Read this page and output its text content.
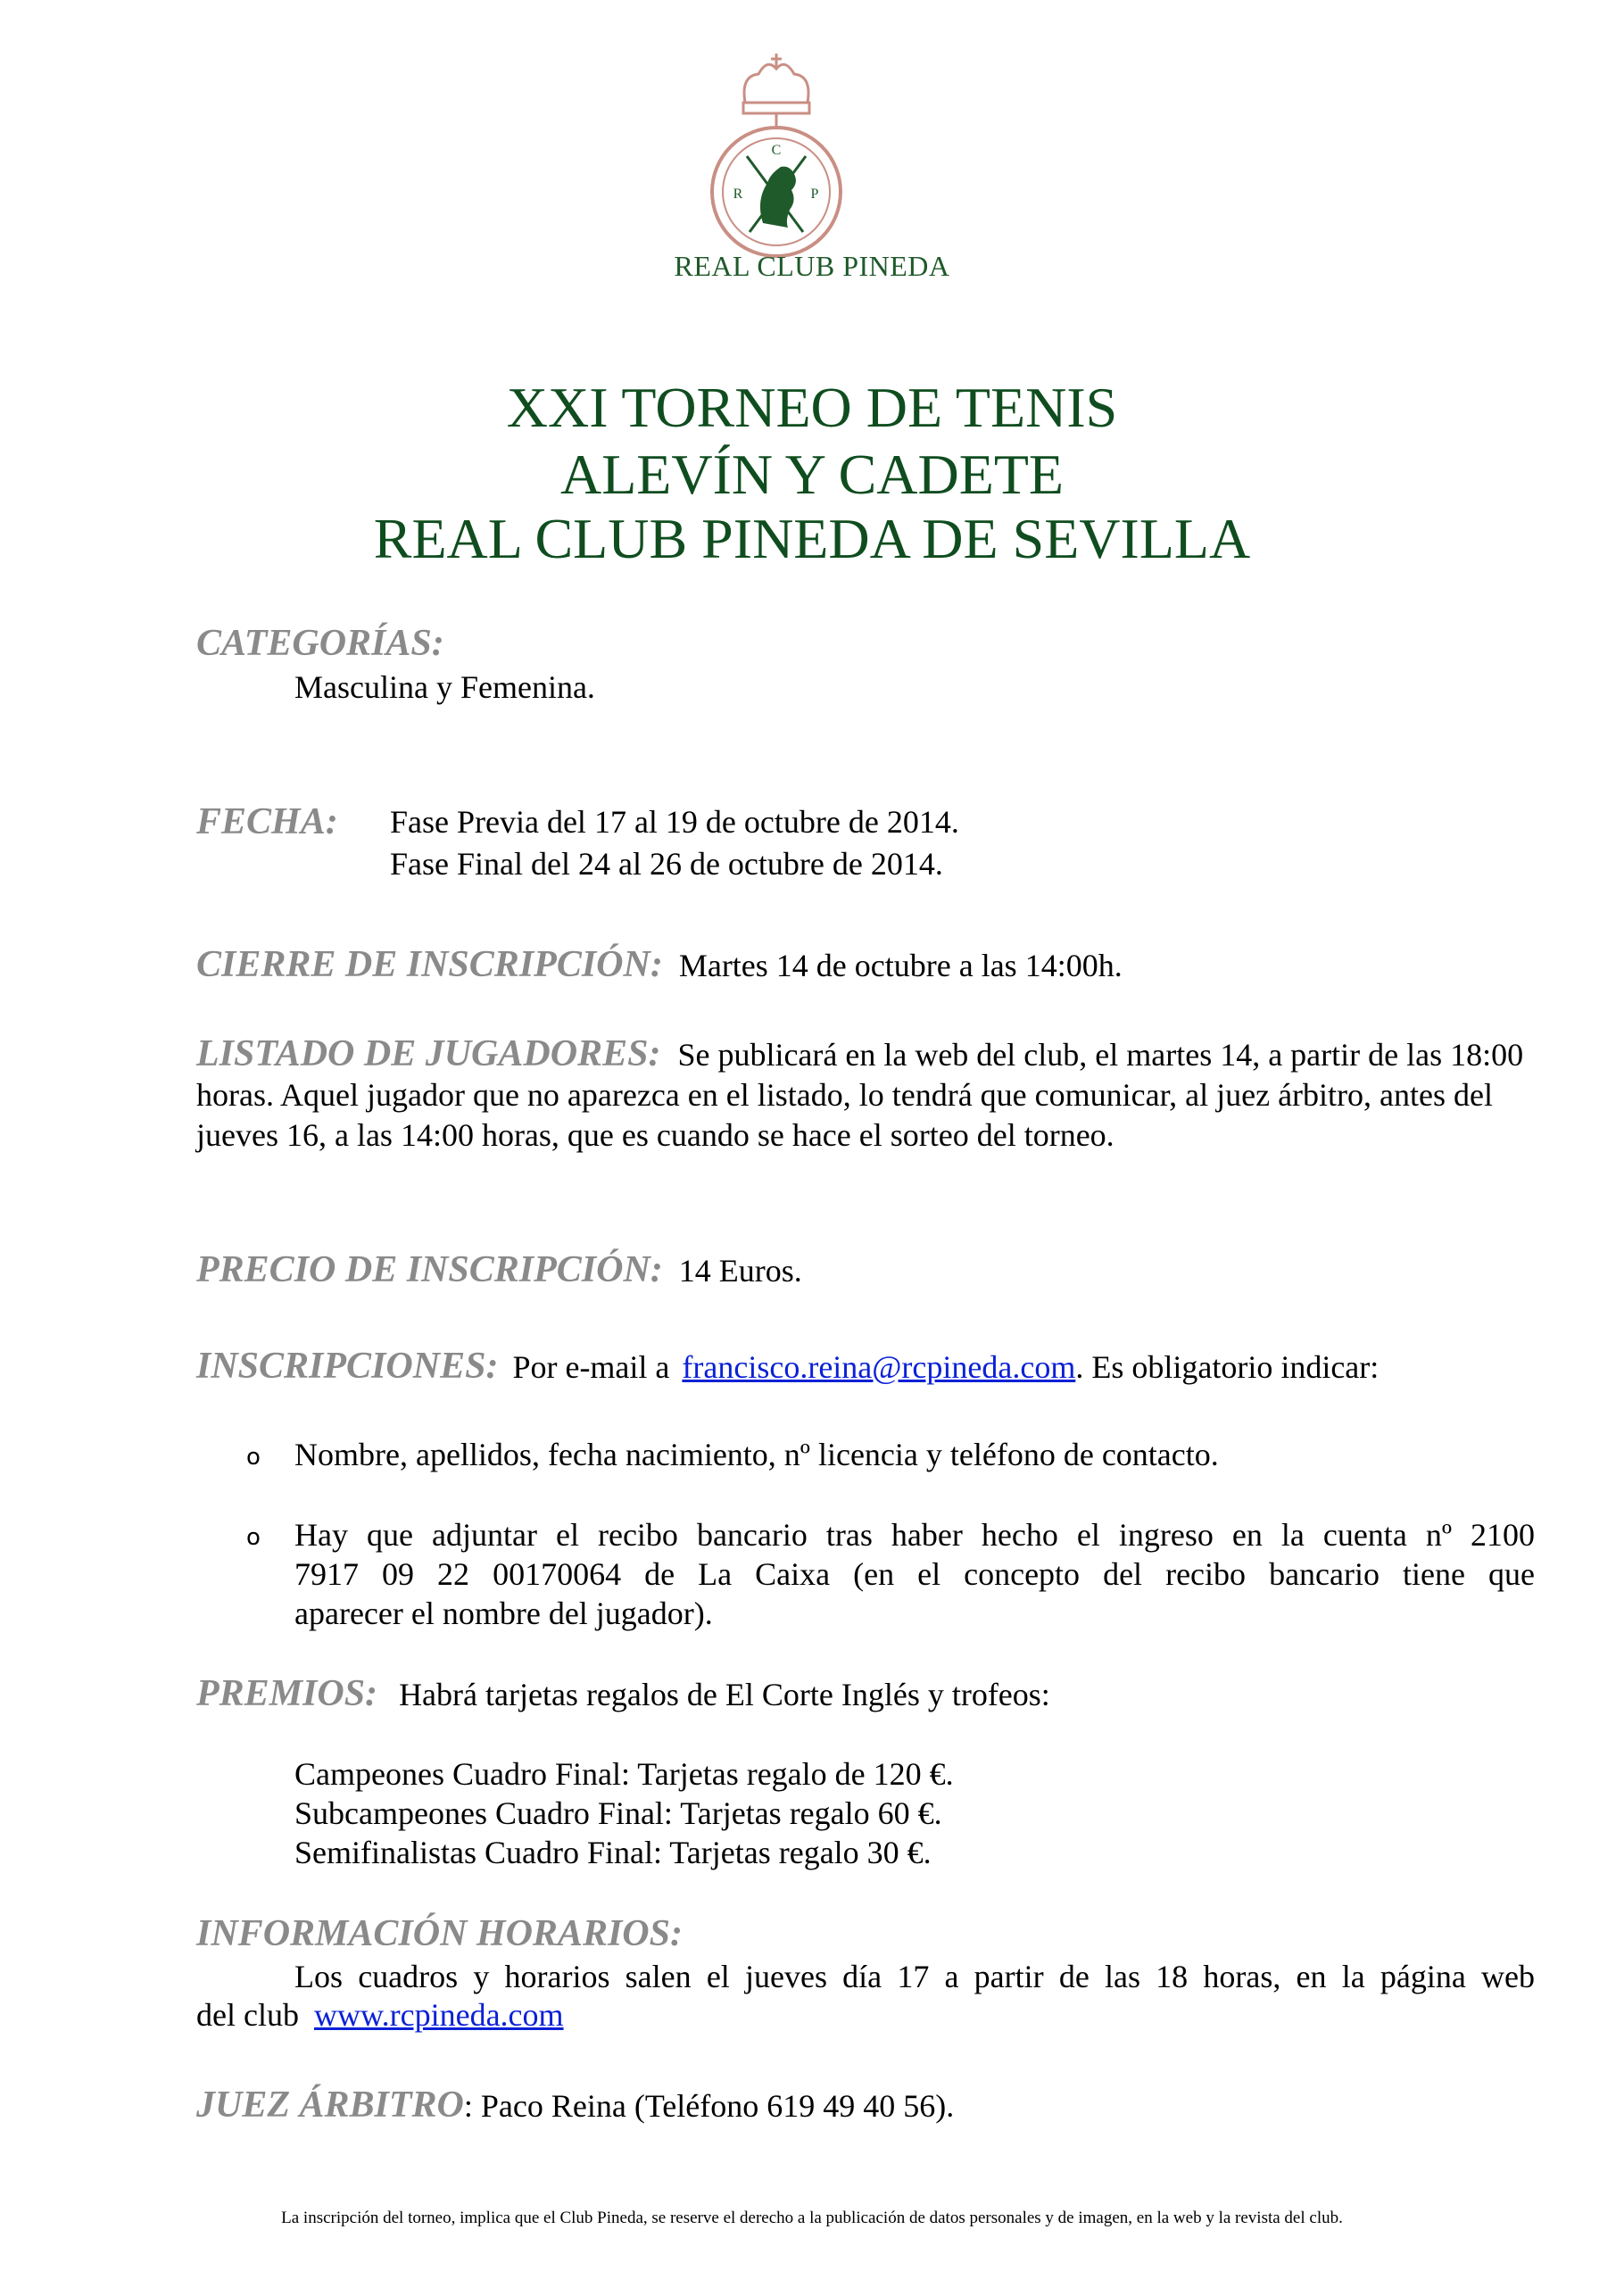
C
R	P
REAL CLUB PINEDA
XXI TORNEO DE TENIS
ALEVÍN Y CADETE
REAL CLUB PINEDA DE SEVILLA
CATEGORÍAS:
Masculina y Femenina.
FECHA: Fase Previa del 17 al 19 de octubre de 2014.
Fase Final del 24 al 26 de octubre de 2014.
CIERRE DE INSCRIPCIÓN: Martes 14 de octubre a las 14:00h.
LISTADO DE JUGADORES: Se publicará en la web del club, el martes 14, a partir de las 18:00 horas. Aquel jugador que no aparezca en el listado, lo tendrá que comunicar, al juez árbitro, antes del jueves 16, a las 14:00 horas, que es cuando se hace el sorteo del torneo.
PRECIO DE INSCRIPCIÓN: 14 Euros.
INSCRIPCIONES: Por e-mail a francisco.reina@rcpineda.com. Es obligatorio indicar:
o Nombre, apellidos, fecha nacimiento, nº licencia y teléfono de contacto.
o Hay que adjuntar el recibo bancario tras haber hecho el ingreso en la cuenta nº 2100
7917 09 22 00170064 de La Caixa (en el concepto del recibo bancario tiene que
aparecer el nombre del jugador).
PREMIOS: Habrá tarjetas regalos de El Corte Inglés y trofeos:
Campeones Cuadro Final: Tarjetas regalo de 120 €.
Subcampeones Cuadro Final: Tarjetas regalo 60 €.
Semifinalistas Cuadro Final: Tarjetas regalo 30 €.
INFORMACIÓN HORARIOS:
Los cuadros y horarios salen el jueves día 17 a partir de las 18 horas, en la página web
del club www.rcpineda.com
JUEZ ÁRBITRO: Paco Reina (Teléfono 619 49 40 56).
La inscripción del torneo, implica que el Club Pineda, se reserve el derecho a la publicación de datos personales y de imagen, en la web y la revista del club.
